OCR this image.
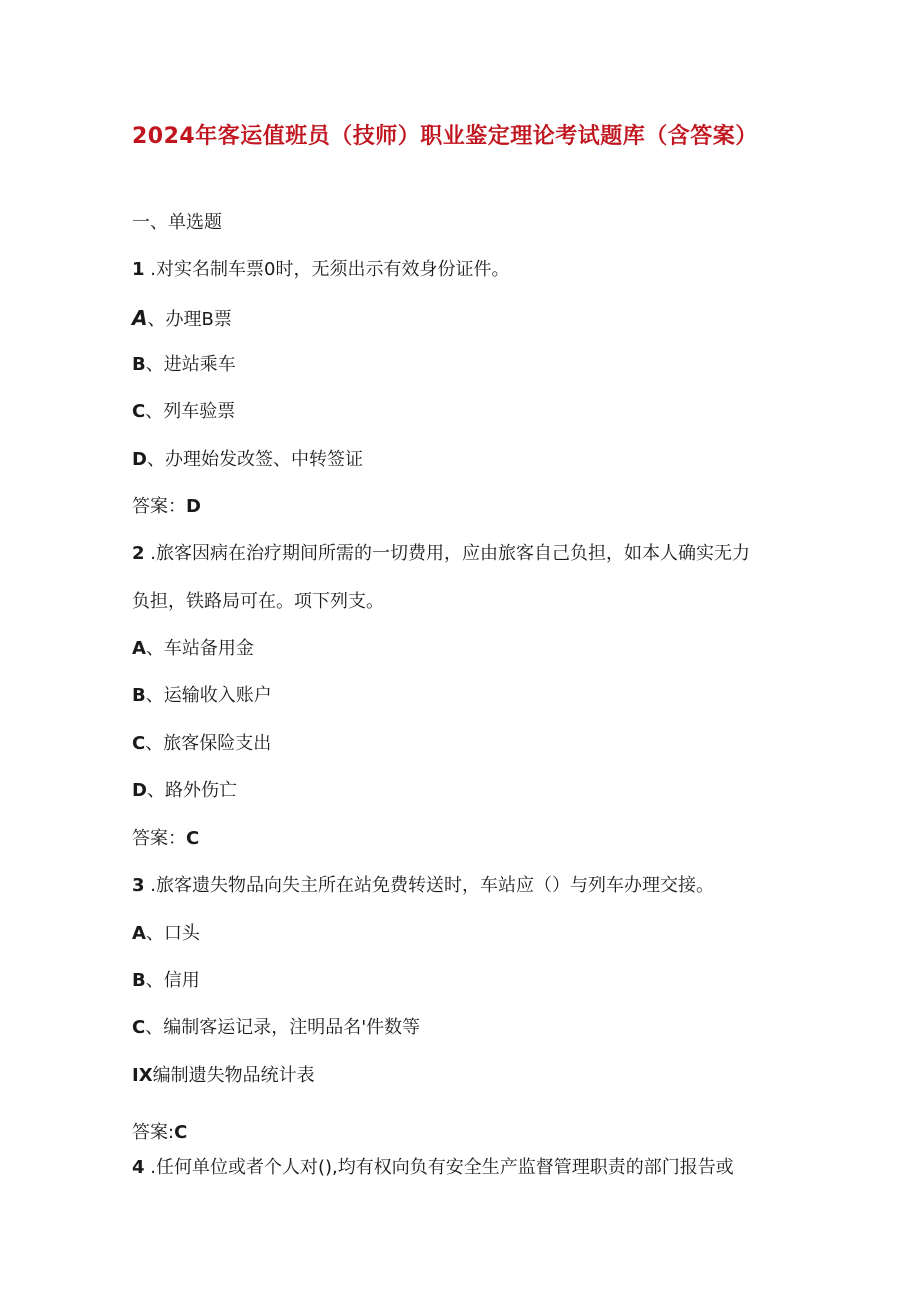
2024年客运值班员（技师）职业鉴定理论考试题库（含答案）
一、单选题
1 .对实名制车票0时，无须出示有效身份证件。
A、办理B票
B、进站乘车
C、列车验票
D、办理始发改签、中转签证
答案：D
2 .旅客因病在治疗期间所需的一切费用，应由旅客自己负担，如本人确实无力
负担，铁路局可在。项下列支。
A、车站备用金
B、运输收入账户
C、旅客保险支出
D、路外伤亡
答案：C
3 .旅客遗失物品向失主所在站免费转送时，车站应（）与列车办理交接。
A、口头
B、信用
C、编制客运记录，注明品名'件数等
IX编制遗失物品统计表
答案:C
4 .任何单位或者个人对(),均有权向负有安全生产监督管理职责的部门报告或
